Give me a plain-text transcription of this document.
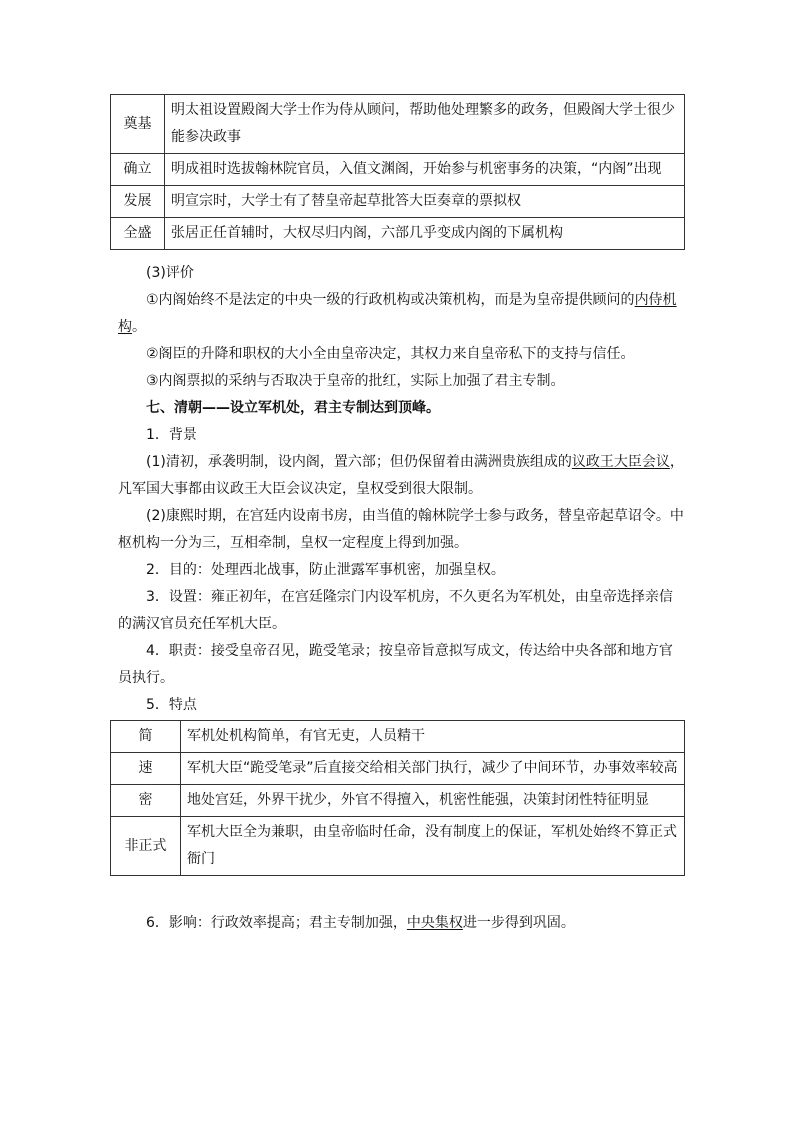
奠基	明太祖设置殿阁大学士作为侍从顾问，帮助他处理繁多的政务，但殿阁大学士很少能参决政事
确立	明成祖时选拔翰林院官员，入值文渊阁，开始参与机密事务的决策，“内阁”出现
发展	明宣宗时，大学士有了替皇帝起草批答大臣奏章的票拟权
全盛	张居正任首辅时，大权尽归内阁，六部几乎变成内阁的下属机构

(3)评价

①内阁始终不是法定的中央一级的行政机构或决策机构，而是为皇帝提供顾问的内侍机构。

②阁臣的升降和职权的大小全由皇帝决定，其权力来自皇帝私下的支持与信任。

③内阁票拟的采纳与否取决于皇帝的批红，实际上加强了君主专制。

七、清朝——设立军机处，君主专制达到顶峰。

1．背景

(1)清初，承袭明制，设内阁，置六部；但仍保留着由满洲贵族组成的议政王大臣会议，凡军国大事都由议政王大臣会议决定，皇权受到很大限制。

(2)康熙时期，在宫廷内设南书房，由当值的翰林院学士参与政务，替皇帝起草诏令。中枢机构一分为三，互相牵制，皇权一定程度上得到加强。

2．目的：处理西北战事，防止泄露军事机密，加强皇权。

3．设置：雍正初年，在宫廷隆宗门内设军机房，不久更名为军机处，由皇帝选择亲信的满汉官员充任军机大臣。

4．职责：接受皇帝召见，跪受笔录；按皇帝旨意拟写成文，传达给中央各部和地方官员执行。

5．特点

简	军机处机构简单，有官无吏，人员精干
速	军机大臣“跪受笔录”后直接交给相关部门执行，减少了中间环节，办事效率较高
密	地处宫廷，外界干扰少，外官不得擅入，机密性能强，决策封闭性特征明显
非正式	军机大臣全为兼职，由皇帝临时任命，没有制度上的保证，军机处始终不算正式衙门

6．影响：行政效率提高；君主专制加强，中央集权进一步得到巩固。
